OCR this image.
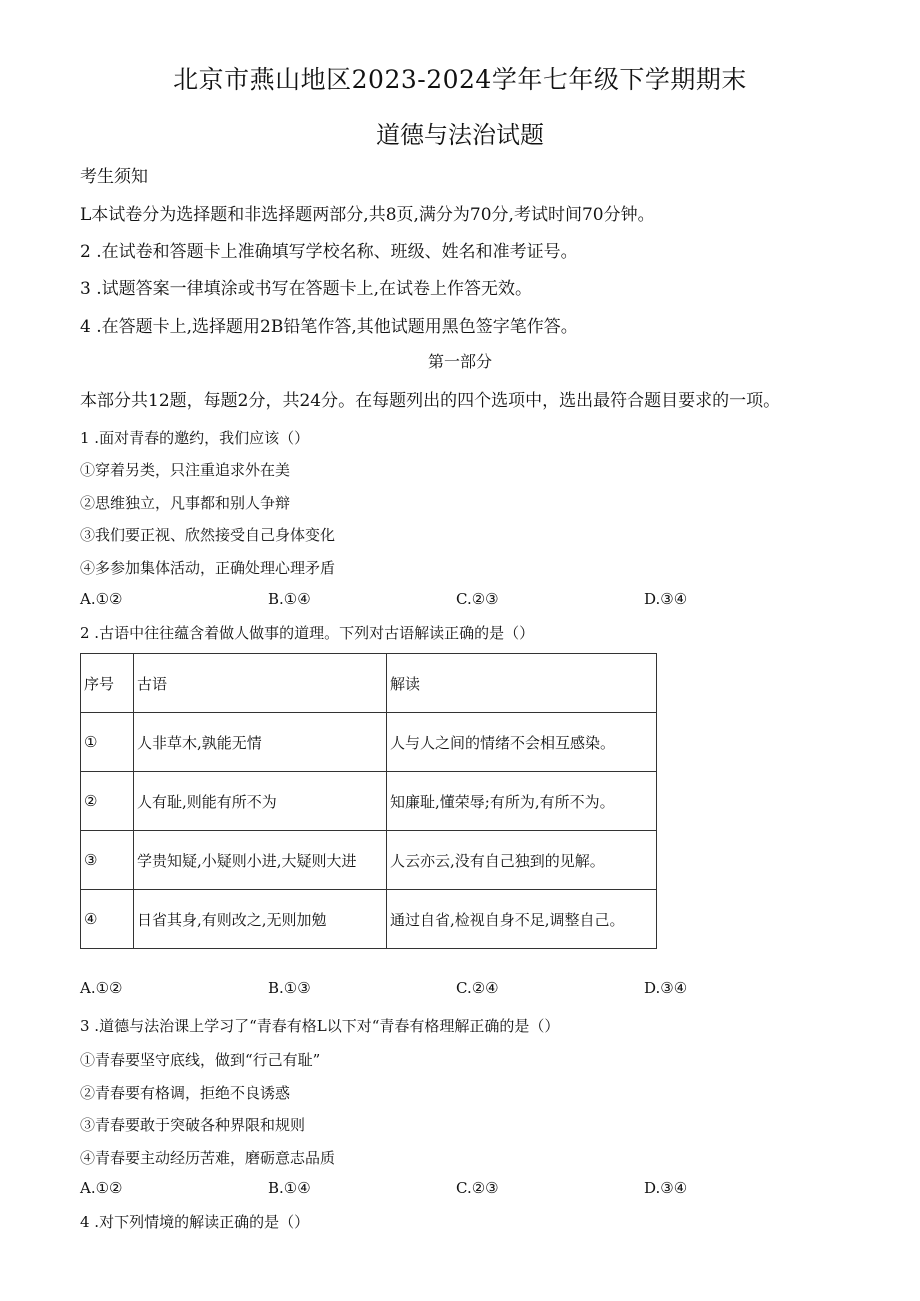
北京市燕山地区2023-2024学年七年级下学期期末
道德与法治试题
考生须知
L本试卷分为选择题和非选择题两部分,共8页,满分为70分,考试时间70分钟。
2 .在试卷和答题卡上准确填写学校名称、班级、姓名和准考证号。
3 .试题答案一律填涂或书写在答题卡上,在试卷上作答无效。
4 .在答题卡上,选择题用2B铅笔作答,其他试题用黑色签字笔作答。
第一部分
本部分共12题，每题2分，共24分。在每题列出的四个选项中，选出最符合题目要求的一项。
1 .面对青春的邀约，我们应该（）
①穿着另类，只注重追求外在美
②思维独立，凡事都和别人争辩
③我们要正视、欣然接受自己身体变化
④多参加集体活动，正确处理心理矛盾
A.①②	B.①④	C.②③	D.③④
2 .古语中往往蕴含着做人做事的道理。下列对古语解读正确的是（）
序号	古语	解读
①	人非草木,孰能无情	人与人之间的情绪不会相互感染。
②	人有耻,则能有所不为	知廉耻,懂荣辱;有所为,有所不为。
③	学贵知疑,小疑则小进,大疑则大进	人云亦云,没有自己独到的见解。
④	日省其身,有则改之,无则加勉	通过自省,检视自身不足,调整自己。
A.①②	B.①③	C.②④	D.③④
3 .道德与法治课上学习了“青春有格L以下对“青春有格理解正确的是（）
①青春要坚守底线，做到“行己有耻”
②青春要有格调，拒绝不良诱惑
③青春要敢于突破各种界限和规则
④青春要主动经历苦难，磨砺意志品质
A.①②	B.①④	C.②③	D.③④
4 .对下列情境的解读正确的是（）
